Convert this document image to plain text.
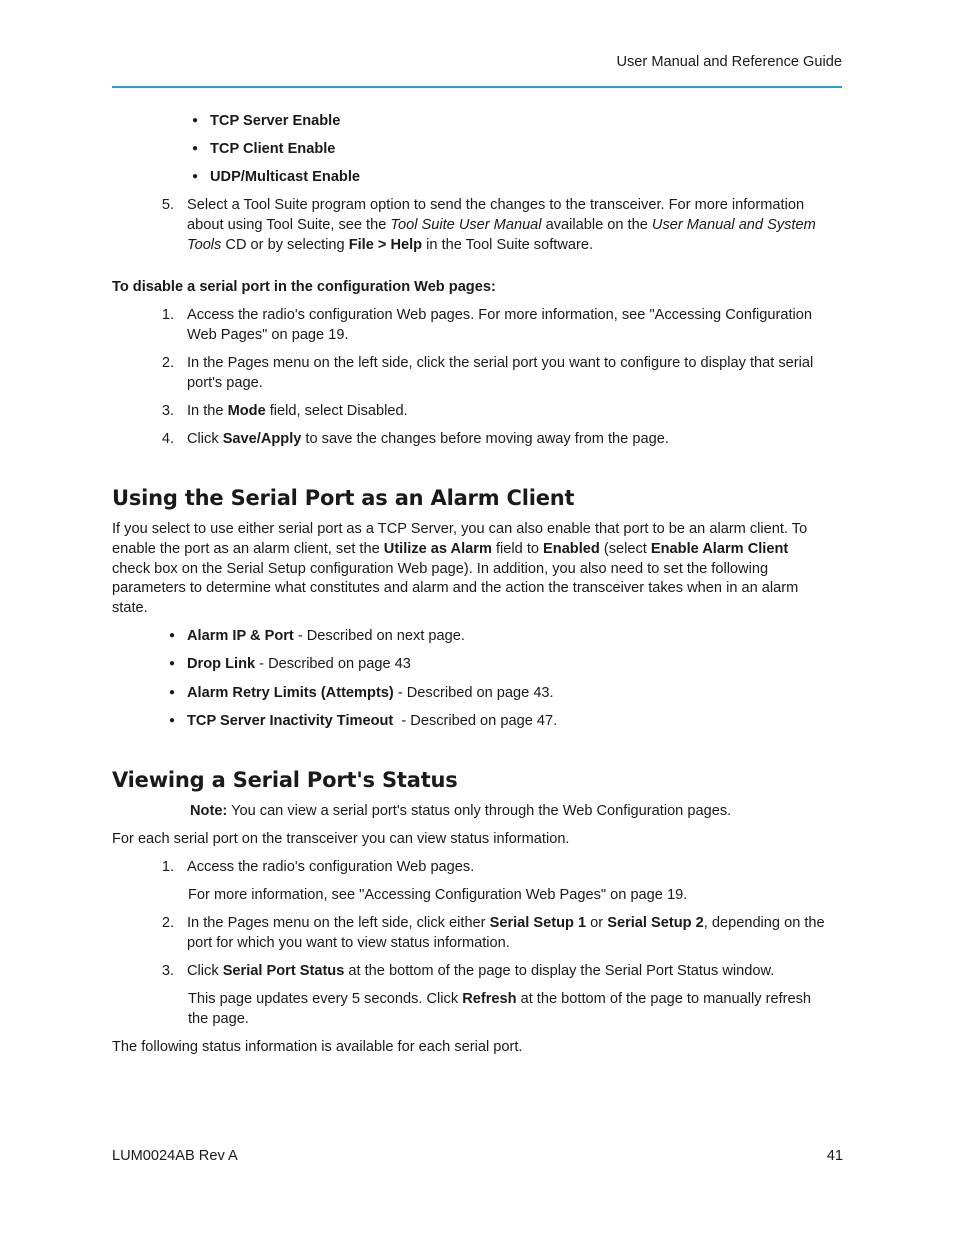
User Manual and Reference Guide
● TCP Server Enable
● TCP Client Enable
● UDP/Multicast Enable
5. Select a Tool Suite program option to send the changes to the transceiver. For more information
about using Tool Suite, see the Tool Suite User Manual available on the User Manual and System
Tools CD or by selecting File > Help in the Tool Suite software.
To disable a serial port in the configuration Web pages:
1. Access the radio's configuration Web pages. For more information, see "Accessing Configuration
Web Pages" on page 19.
2. In the Pages menu on the left side, click the serial port you want to configure to display that serial
port's page.
3. In the Mode field, select Disabled.
4. Click Save/Apply to save the changes before moving away from the page.
Using the Serial Port as an Alarm Client
If you select to use either serial port as a TCP Server, you can also enable that port to be an alarm client. To
enable the port as an alarm client, set the Utilize as Alarm field to Enabled (select Enable Alarm Client
check box on the Serial Setup configuration Web page). In addition, you also need to set the following
parameters to determine what constitutes and alarm and the action the transceiver takes when in an alarm
state.
● Alarm IP & Port - Described on next page.
● Drop Link - Described on page 43
● Alarm Retry Limits (Attempts) - Described on page 43.
● TCP Server Inactivity Timeout  - Described on page 47.
Viewing a Serial Port's Status
Note: You can view a serial port's status only through the Web Configuration pages.
For each serial port on the transceiver you can view status information.
1. Access the radio's configuration Web pages.
For more information, see "Accessing Configuration Web Pages" on page 19.
2. In the Pages menu on the left side, click either Serial Setup 1 or Serial Setup 2, depending on the
port for which you want to view status information.
3. Click Serial Port Status at the bottom of the page to display the Serial Port Status window.
This page updates every 5 seconds. Click Refresh at the bottom of the page to manually refresh
the page.
The following status information is available for each serial port.
LUM0024AB Rev A	41
